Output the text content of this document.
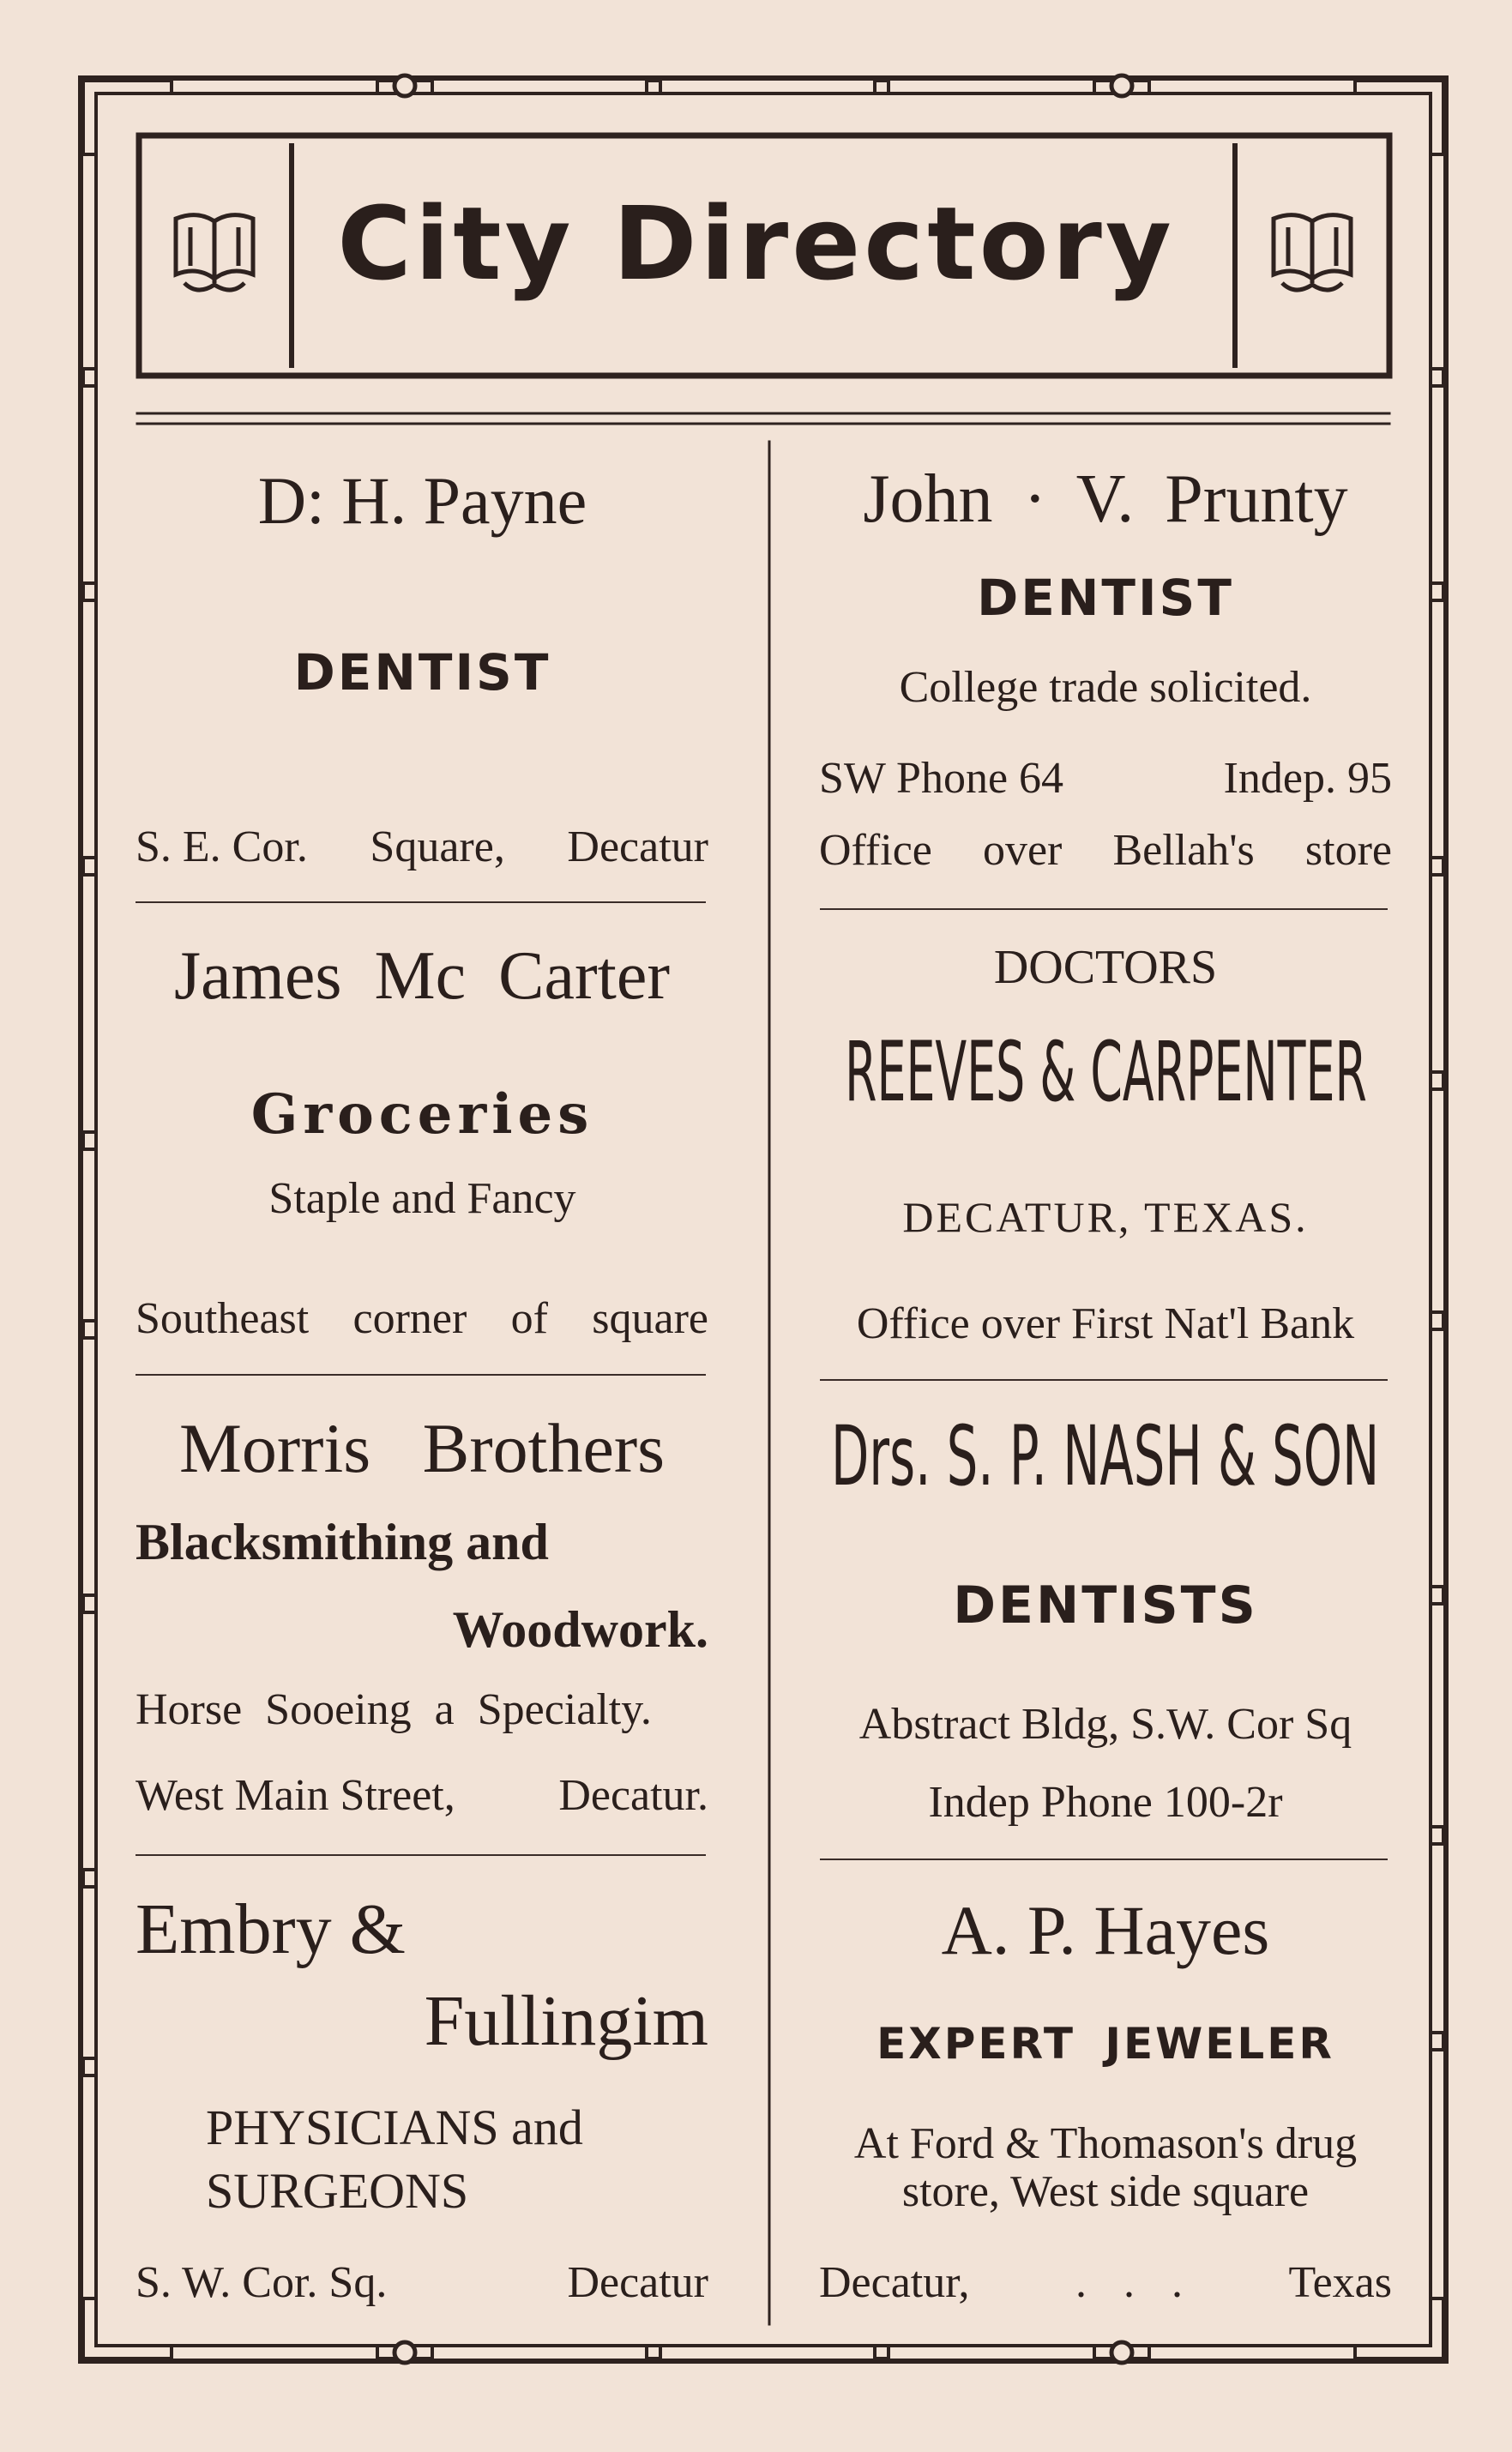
City Directory
D: H. Payne
DENTIST
S. E. Cor. Square, Decatur
James Mc Carter
Groceries
Staple and Fancy
Southeast corner of square
Morris Brothers
Blacksmithing and
Woodwork.
Horse Sooeing a Specialty.
West Main Street, Decatur.
Embry &
Fullingim
PHYSICIANS and
SURGEONS
S. W. Cor. Sq.	Decatur
John · V. Prunty
DENTIST
College trade solicited.
SW Phone 64	Indep. 95
Office over Bellah's store
DOCTORS
REEVES & CARPENTER
DECATUR, TEXAS.
Office over First Nat'l Bank
Drs. S. P. NASH & SON
DENTISTS
Abstract Bldg, S.W. Cor Sq
Indep Phone 100-2r
A. P. Hayes
EXPERT JEWELER
At Ford & Thomason's drug
store, West side square
Decatur, . . . Texas
